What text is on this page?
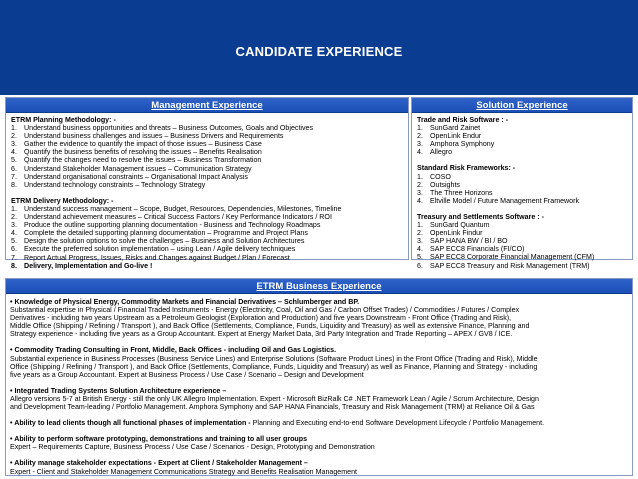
CANDIDATE EXPERIENCE
Management Experience
ETRM Planning Methodology: -
1. Understand business opportunities and threats – Business Outcomes, Goals and Objectives
2. Understand business challenges and issues – Business Drivers and Requirements
3. Gather the evidence to quantify the impact of those issues – Business Case
4. Quantify the business benefits of resolving the issues – Benefits Realisation
5. Quantify the changes need to resolve the issues – Business Transformation
6. Understand Stakeholder Management issues – Communication Strategy
7. Understand organisational constraints – Organisational Impact Analysis
8. Understand technology constraints – Technology Strategy
ETRM Delivery Methodology: -
1. Understand success management – Scope, Budget, Resources, Dependencies, Milestones, Timeline
2. Understand achievement measures – Critical Success Factors / Key Performance Indicators / ROI
3. Produce the outline supporting planning documentation - Business and Technology Roadmaps
4. Complete the detailed supporting planning documentation – Programme and Project Plans
5. Design the solution options to solve the challenges – Business and Solution Architectures
6. Execute the preferred solution implementation – using Lean / Agile delivery techniques
7. Report Actual Progress, Issues, Risks and Changes against Budget / Plan / Forecast
8. Delivery, Implementation and Go-live !
Solution Experience
Trade and Risk Software : -
1. SunGard Zainet
2. OpenLink Endur
3. Amphora Symphony
4. Allegro
Standard Risk Frameworks: -
1. COSO
2. Outsights
3. The Three Horizons
4. Eltville Model / Future Management Framework
Treasury and Settlements Software : -
1. SunGard Quantum
2. OpenLink Findur
3. SAP HANA BW / BI / BO
4. SAP ECC8 Financials (FI/CO)
5. SAP ECC8 Corporate Financial Management (CFM)
6. SAP ECC8 Treasury and Risk Management (TRM)
ETRM Business Experience
• Knowledge of Physical Energy, Commodity Markets and Financial Derivatives – Schlumberger and BP.
Substantial expertise in Physical / Financial Traded Instruments - Energy (Electricity, Coal, Oil and Gas / Carbon Offset Trades) / Commodities / Futures / Complex
Derivatives - including two years Upstream as a Petroleum Geologist (Exploration and Production) and five years Downstream - Front Office (Trading and Risk),
Middle Office (Shipping / Refining / Transport ), and Back Office (Settlements, Compliance, Funds, Liquidity and Treasury) as well as extensive Finance, Planning and
Strategy experience - including five years as a Group Accountant. Expert at Energy Market Data, 3rd Party Integration and Trade Reporting – APEX / GV8 / ICE.
• Commodity Trading Consulting in Front, Middle, Back Offices - including Oil and Gas Logistics.
Substantial experience in Business Processes (Business Service Lines) and Enterprise Solutions (Software Product Lines) in the Front Office (Trading and Risk), Middle
Office (Shipping / Refining / Transport ), and Back Office (Settlements, Compliance, Funds, Liquidity and Treasury) as well as Finance, Planning and Strategy - including
five years as a Group Accountant. Expert at Business Process / Use Case / Scenario – Design and Development
• Integrated Trading Systems Solution Architecture experience –
Allegro versions 5-7 at British Energy - still the only UK Allegro Implementation. Expert - Microsoft BizRalk C# .NET Framework Lean / Agile / Scrum Architecture, Design
and Development Team-leading / Portfolio Management. Amphora Symphony and SAP HANA Financials, Treasury and Risk Management (TRM) at Reliance Oil & Gas
• Ability to lead clients though all functional phases of implementation - Planning and Executing end-to-end Software Development Lifecycle / Portfolio Management.
• Ability to perform software prototyping, demonstrations and training to all user groups
Expert – Requirements Capture, Business Process / Use Case / Scenarios - Design, Prototyping and Demonstration
• Ability manage stakeholder expectations - Expert at Client / Stakeholder Management –
Expert - Client and Stakeholder Management Communications Strategy and Benefits Realisation Management
